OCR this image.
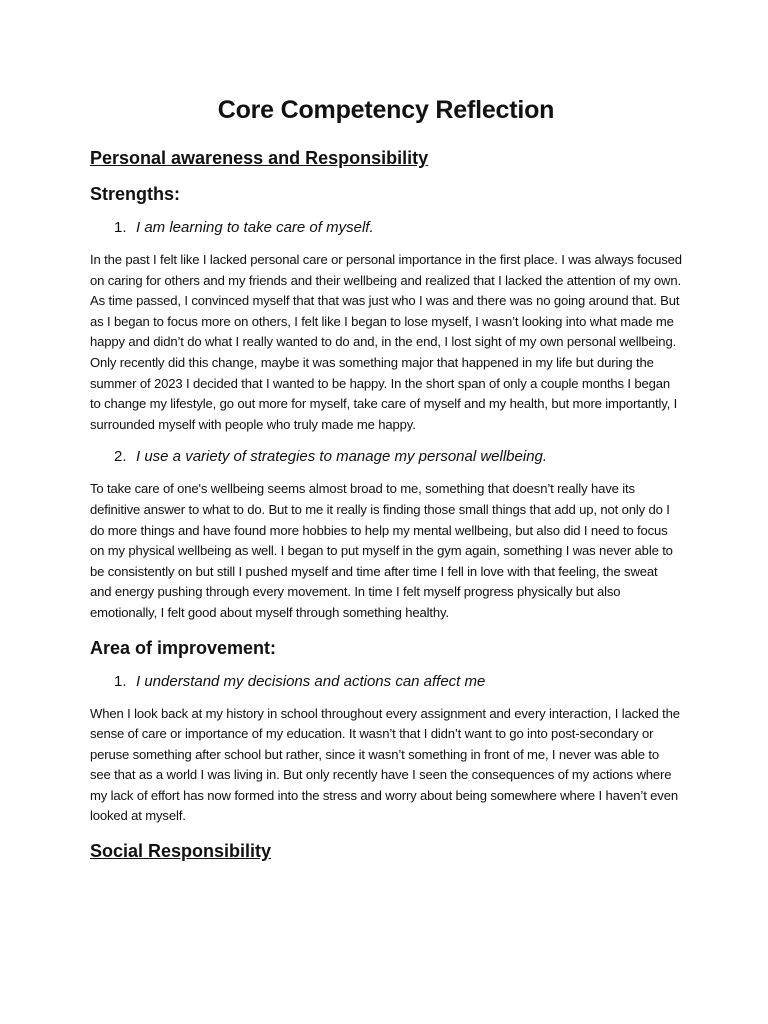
Core Competency Reflection
Personal awareness and Responsibility
Strengths:
1. I am learning to take care of myself.

In the past I felt like I lacked personal care or personal importance in the first place. I was always focused on caring for others and my friends and their wellbeing and realized that I lacked the attention of my own. As time passed, I convinced myself that that was just who I was and there was no going around that. But as I began to focus more on others, I felt like I began to lose myself, I wasn’t looking into what made me happy and didn’t do what I really wanted to do and, in the end, I lost sight of my own personal wellbeing. Only recently did this change, maybe it was something major that happened in my life but during the summer of 2023 I decided that I wanted to be happy. In the short span of only a couple months I began to change my lifestyle, go out more for myself, take care of myself and my health, but more importantly, I surrounded myself with people who truly made me happy.

2. I use a variety of strategies to manage my personal wellbeing.

To take care of one's wellbeing seems almost broad to me, something that doesn’t really have its definitive answer to what to do. But to me it really is finding those small things that add up, not only do I do more things and have found more hobbies to help my mental wellbeing, but also did I need to focus on my physical wellbeing as well. I began to put myself in the gym again, something I was never able to be consistently on but still I pushed myself and time after time I fell in love with that feeling, the sweat and energy pushing through every movement. In time I felt myself progress physically but also emotionally, I felt good about myself through something healthy.

Area of improvement:
1. I understand my decisions and actions can affect me

When I look back at my history in school throughout every assignment and every interaction, I lacked the sense of care or importance of my education. It wasn’t that I didn’t want to go into post-secondary or peruse something after school but rather, since it wasn’t something in front of me, I never was able to see that as a world I was living in. But only recently have I seen the consequences of my actions where my lack of effort has now formed into the stress and worry about being somewhere where I haven’t even looked at myself.

Social Responsibility
